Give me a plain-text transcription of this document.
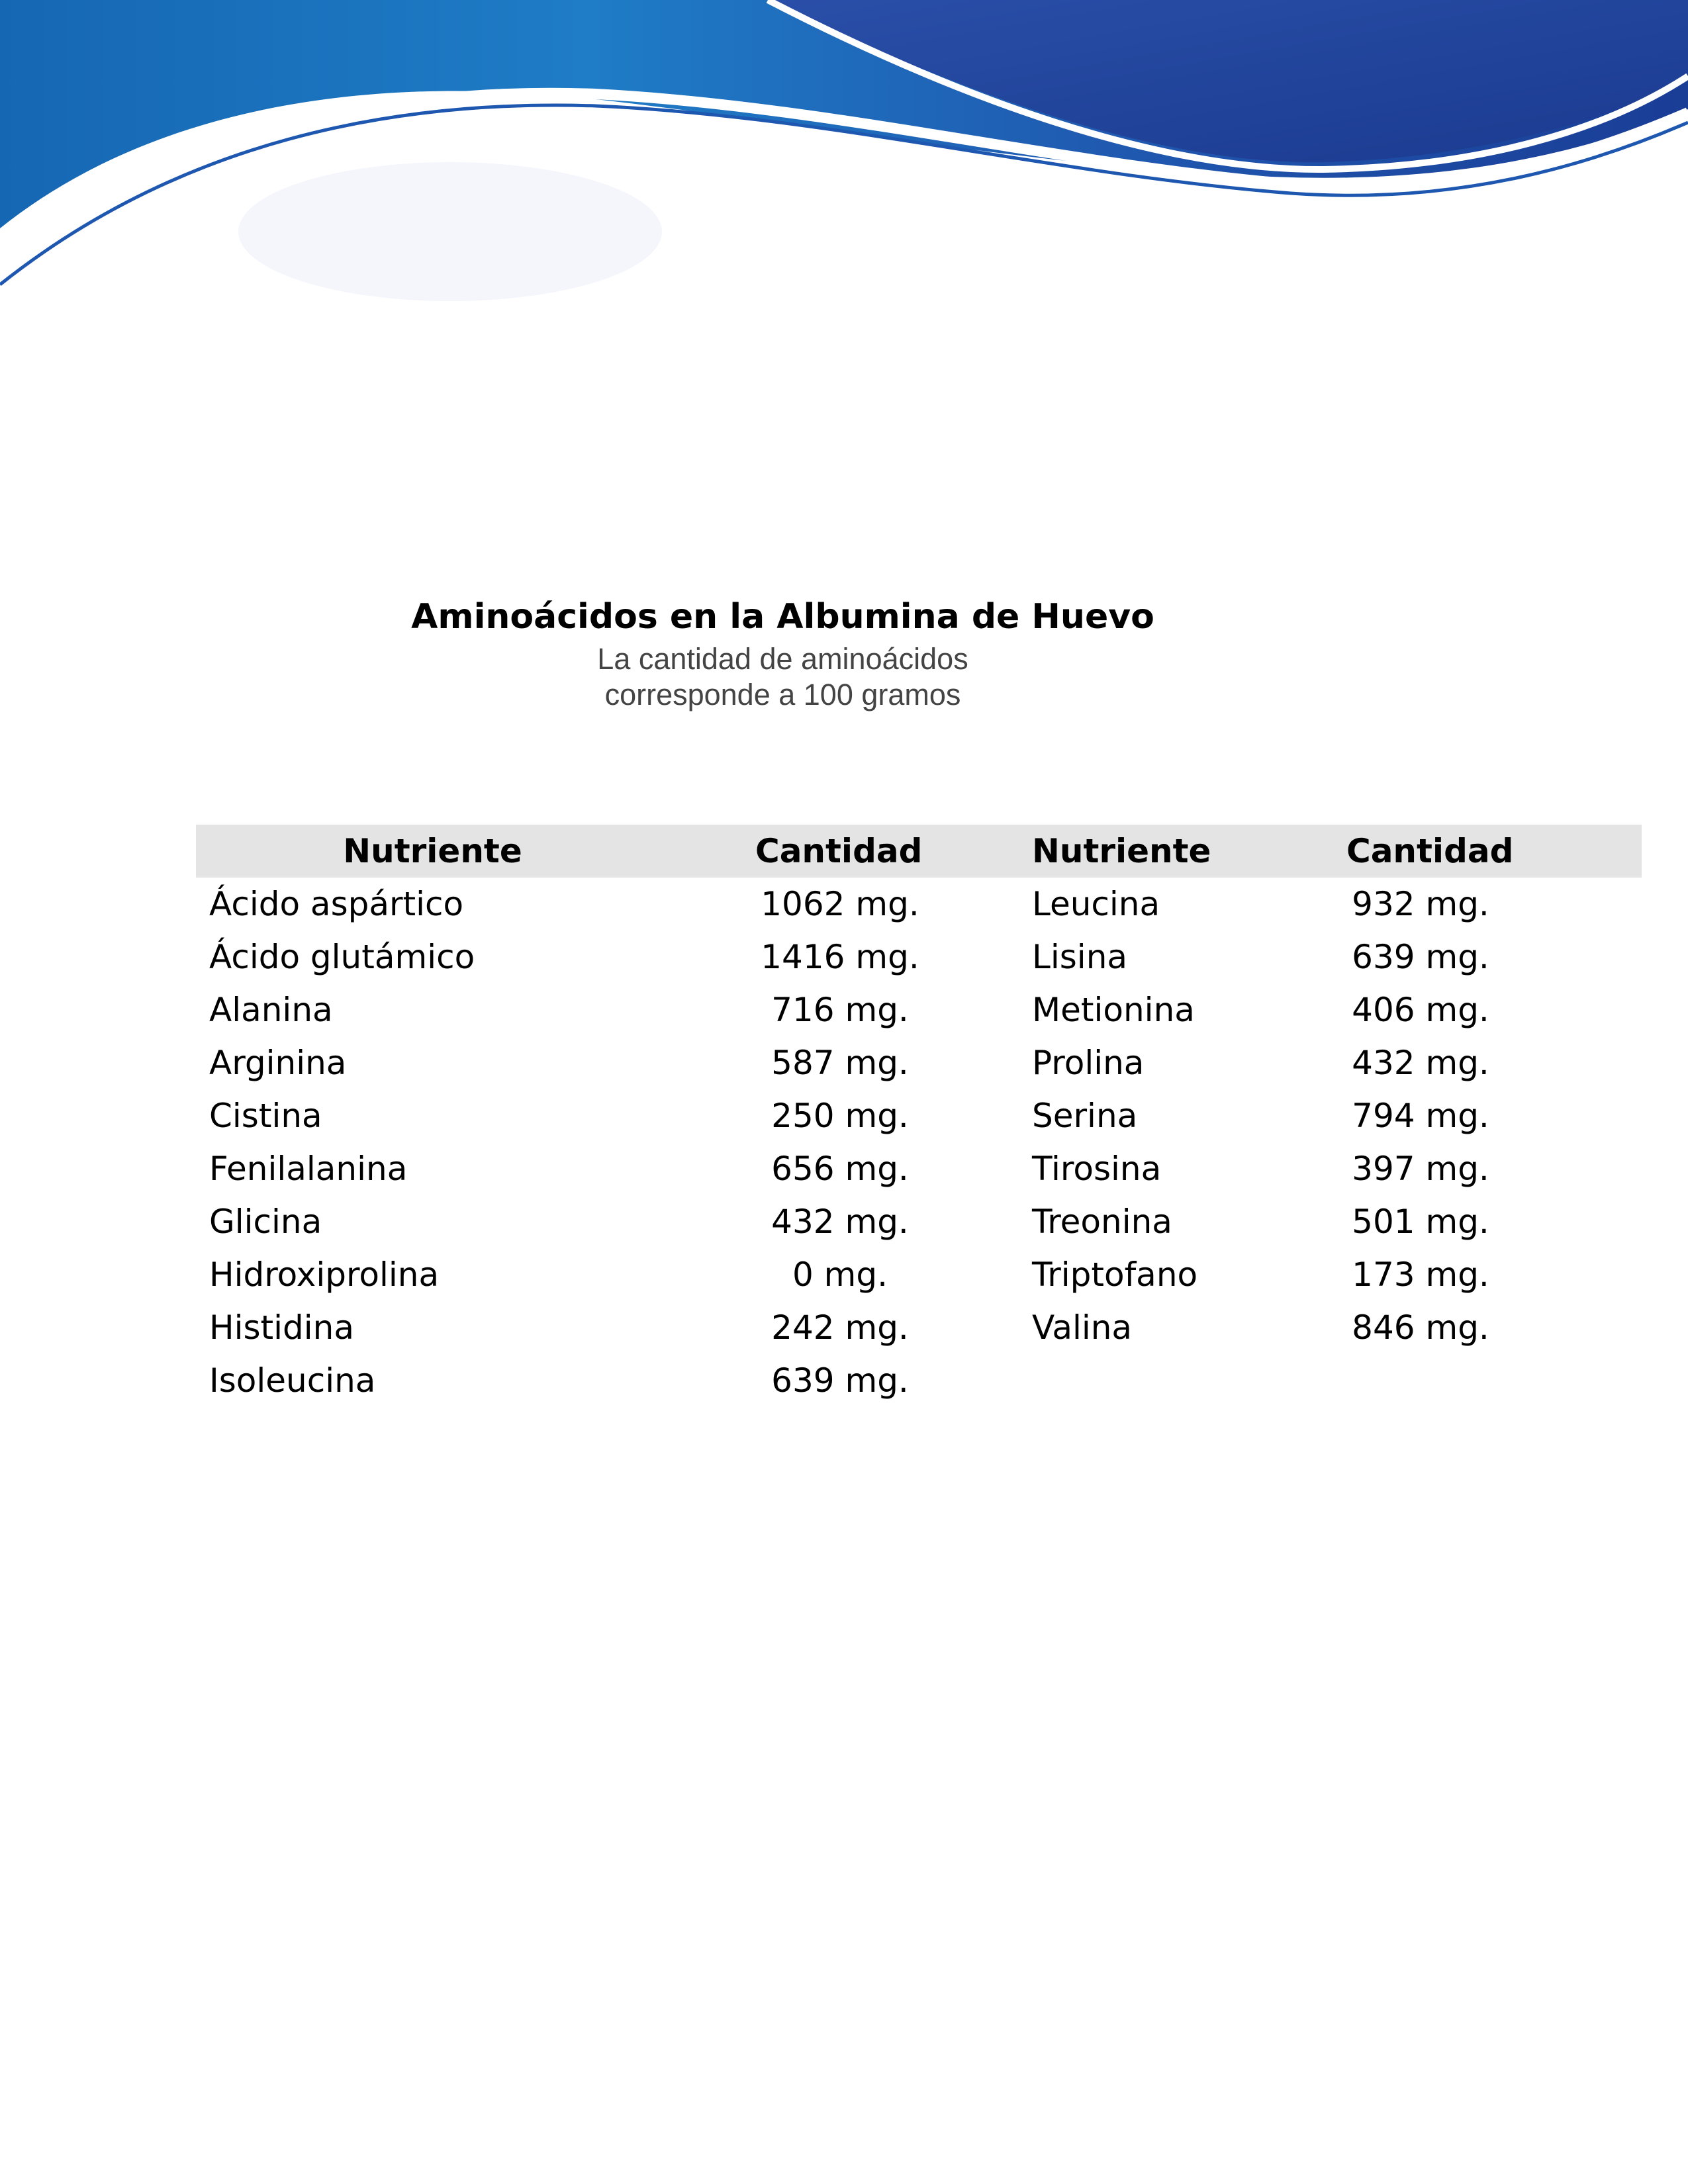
Aminoácidos en la Albumina de Huevo
La cantidad de aminoácidos
corresponde a 100 gramos
Nutriente	Cantidad	Nutriente	Cantidad
Ácido aspártico	1062 mg.	Leucina	932 mg.
Ácido glutámico	1416 mg.	Lisina	639 mg.
Alanina	716 mg.	Metionina	406 mg.
Arginina	587 mg.	Prolina	432 mg.
Cistina	250 mg.	Serina	794 mg.
Fenilalanina	656 mg.	Tirosina	397 mg.
Glicina	432 mg.	Treonina	501 mg.
Hidroxiprolina	0 mg.	Triptofano	173 mg.
Histidina	242 mg.	Valina	846 mg.
Isoleucina	639 mg.		
